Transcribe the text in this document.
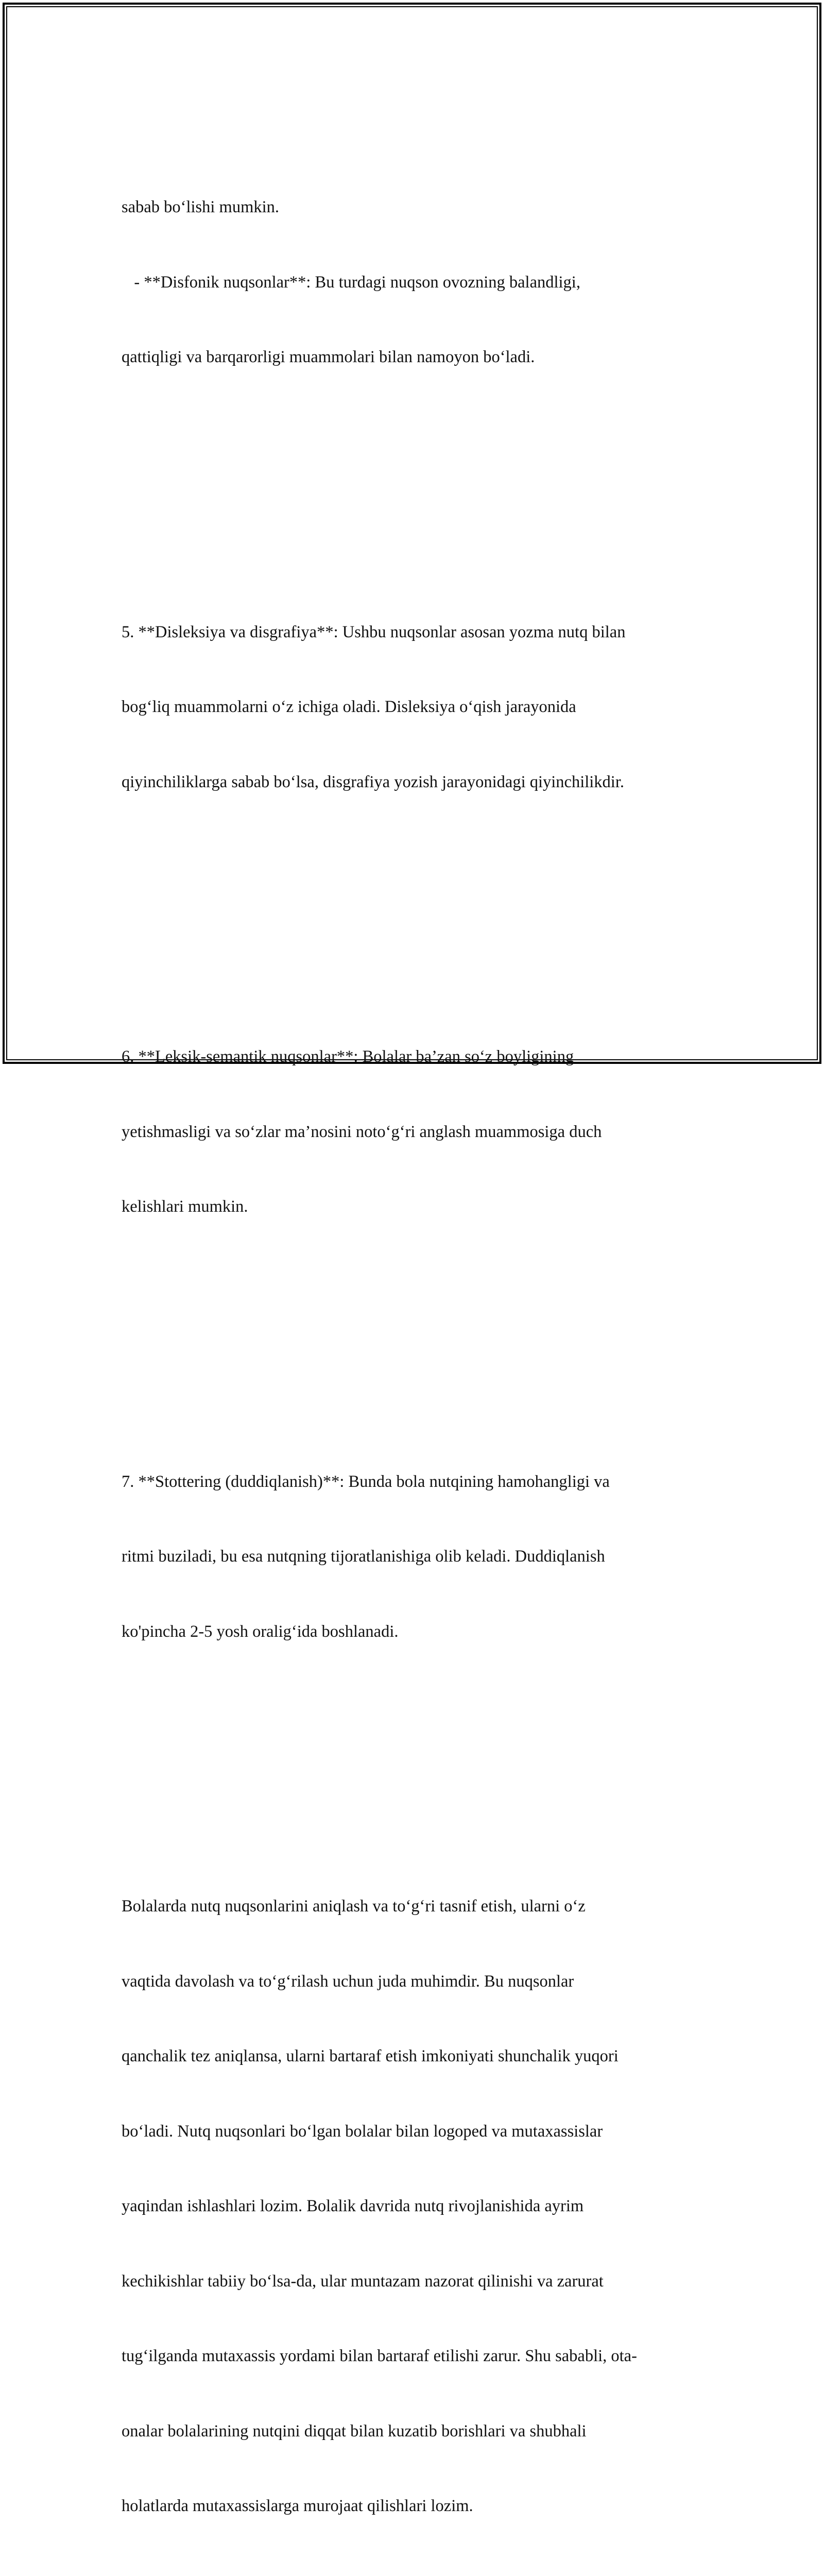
sabab bo‘lishi mumkin.

- **Disfonik nuqsonlar**: Bu turdagi nuqson ovozning balandligi,

qattiqligi va barqarorligi muammolari bilan namoyon bo‘ladi.

5. **Disleksiya va disgrafiya**: Ushbu nuqsonlar asosan yozma nutq bilan

bog‘liq muammolarni o‘z ichiga oladi. Disleksiya o‘qish jarayonida

qiyinchiliklarga sabab bo‘lsa, disgrafiya yozish jarayonidagi qiyinchilikdir.

6. **Leksik-semantik nuqsonlar**: Bolalar ba’zan so‘z boyligining

yetishmasligi va so‘zlar ma’nosini noto‘g‘ri anglash muammosiga duch

kelishlari mumkin.

7. **Stottering (duddiqlanish)**: Bunda bola nutqining hamohangligi va

ritmi buziladi, bu esa nutqning tijoratlanishiga olib keladi. Duddiqlanish

ko'pincha 2-5 yosh oralig‘ida boshlanadi.

Bolalarda nutq nuqsonlarini aniqlash va to‘g‘ri tasnif etish, ularni o‘z

vaqtida davolash va to‘g‘rilash uchun juda muhimdir. Bu nuqsonlar

qanchalik tez aniqlansa, ularni bartaraf etish imkoniyati shunchalik yuqori

bo‘ladi. Nutq nuqsonlari bo‘lgan bolalar bilan logoped va mutaxassislar

yaqindan ishlashlari lozim. Bolalik davrida nutq rivojlanishida ayrim

kechikishlar tabiiy bo‘lsa-da, ular muntazam nazorat qilinishi va zarurat

tug‘ilganda mutaxassis yordami bilan bartaraf etilishi zarur. Shu sababli, ota-

onalar bolalarining nutqini diqqat bilan kuzatib borishlari va shubhali

holatlarda mutaxassislarga murojaat qilishlari lozim.
